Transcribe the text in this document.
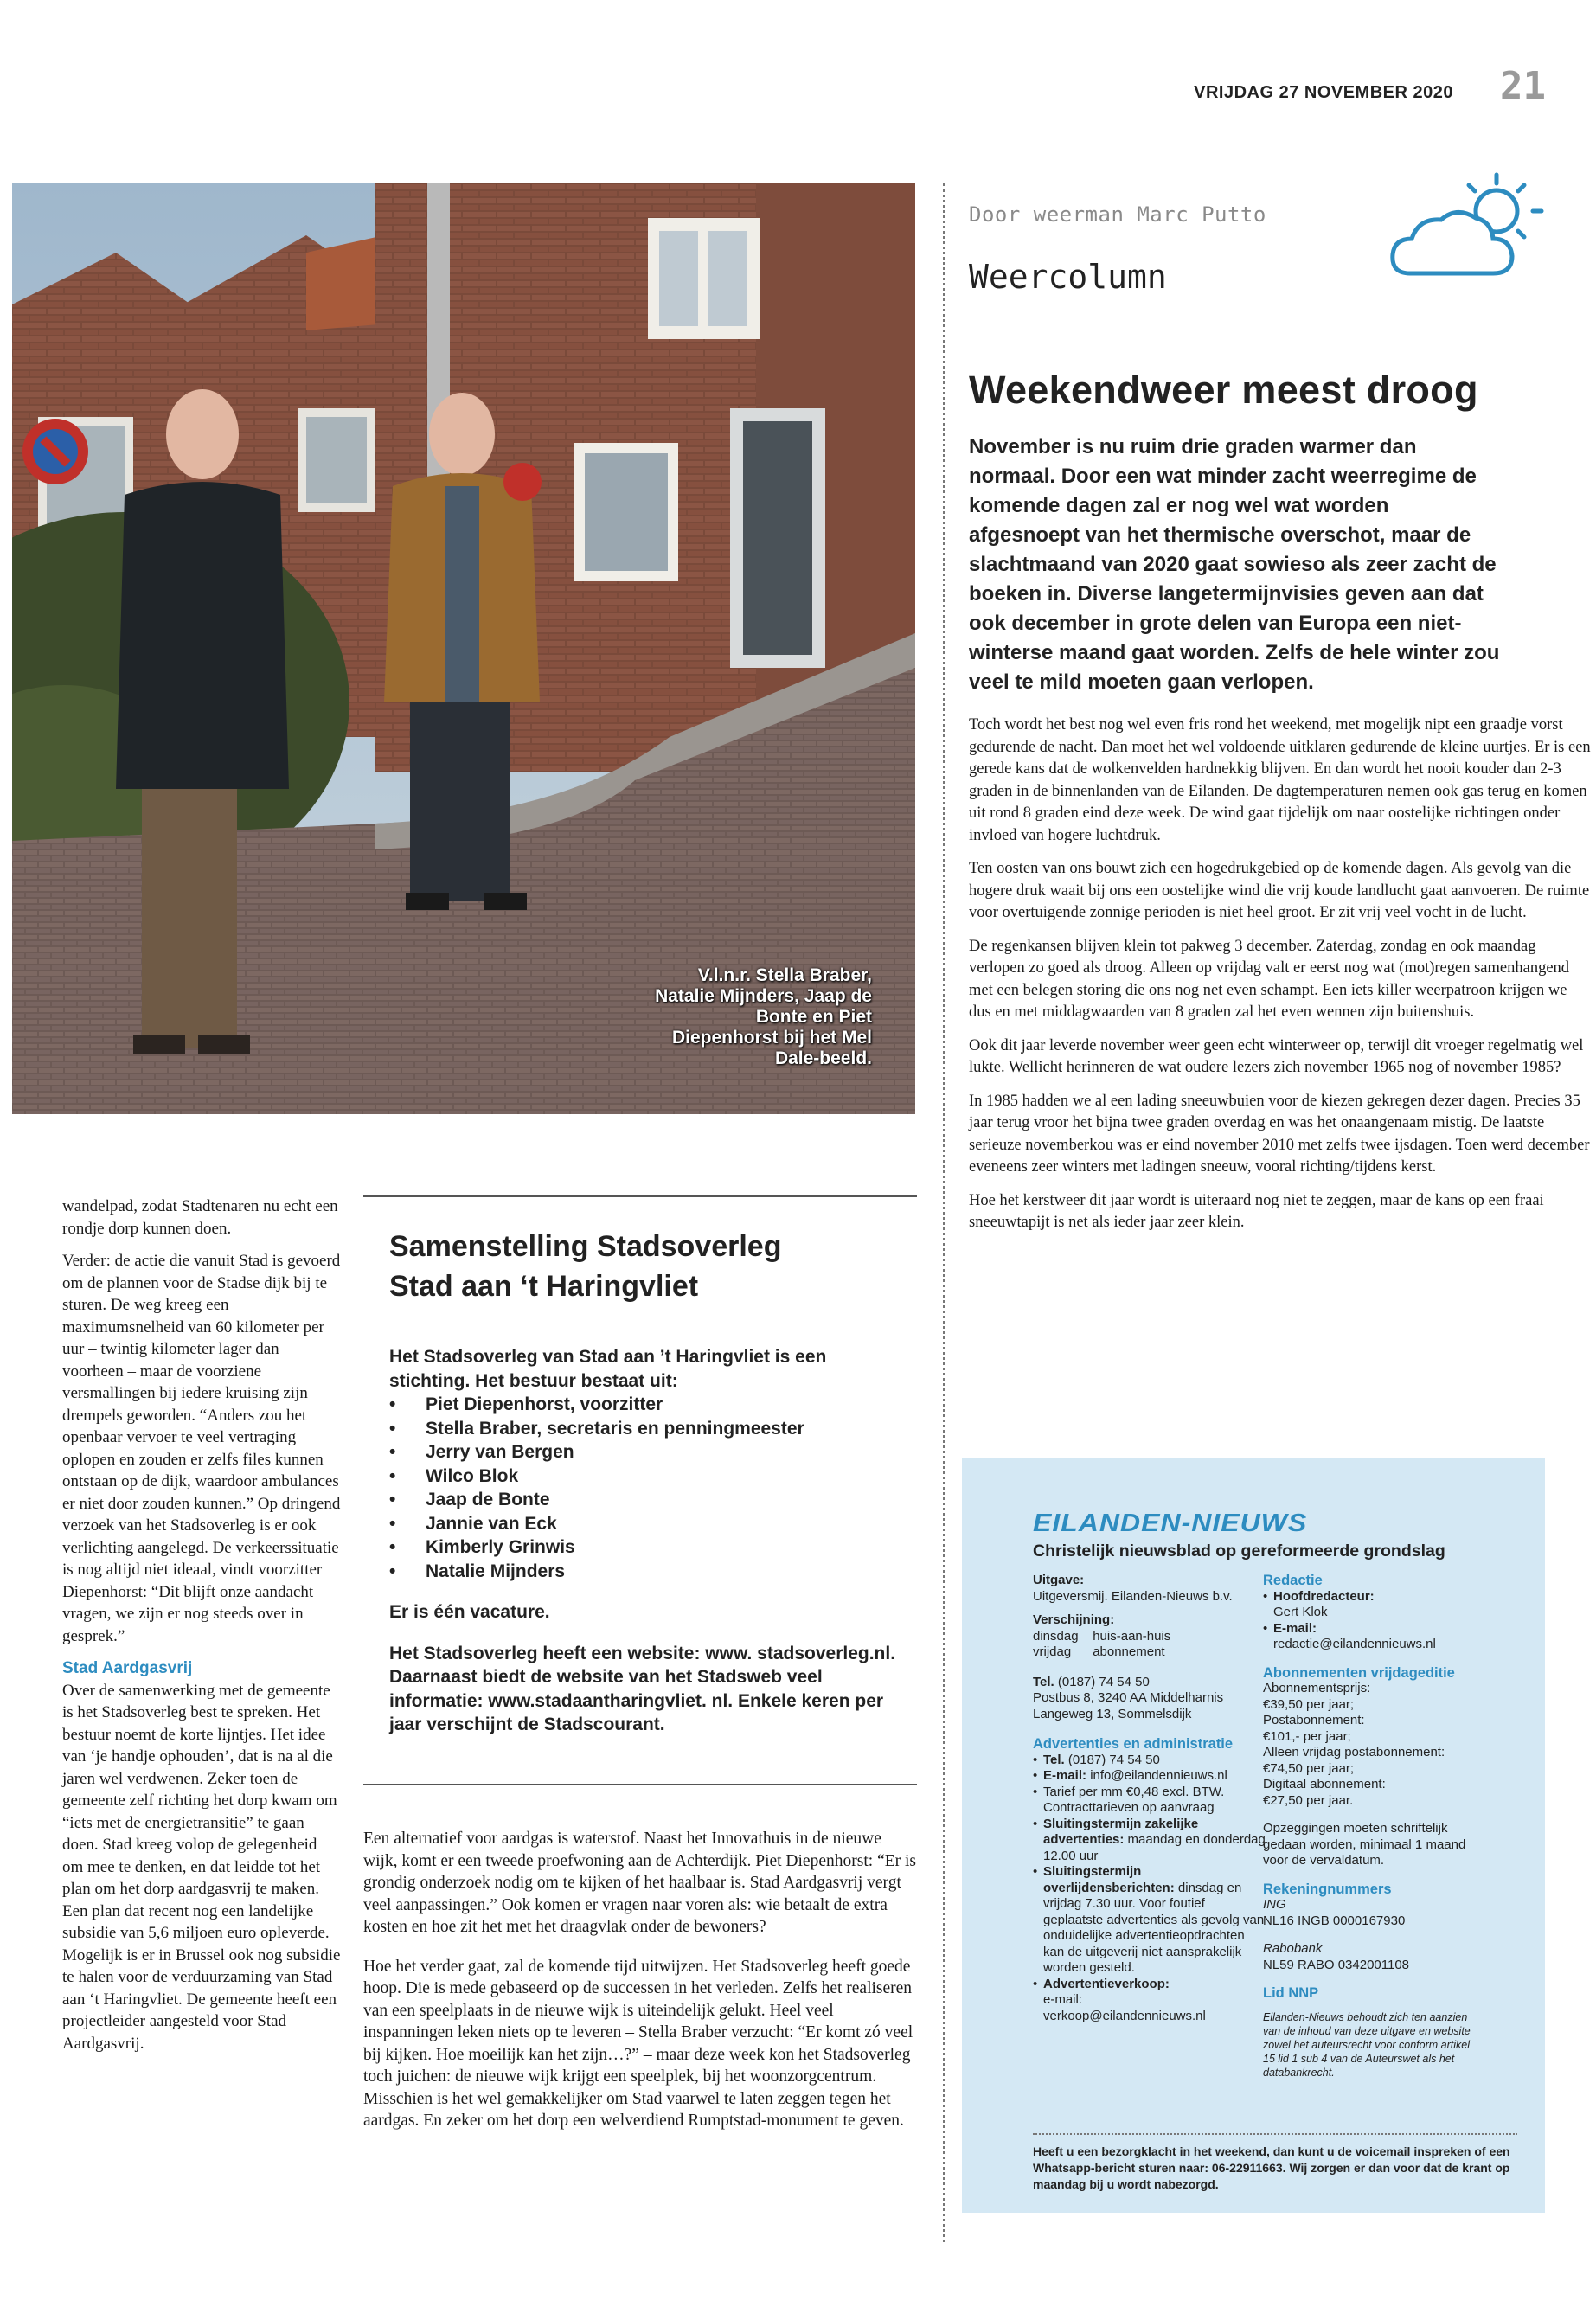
VRIJDAG 27 NOVEMBER 2020 21
V.l.n.r. Stella Braber, Natalie Mijnders, Jaap de Bonte en Piet Diepenhorst bij het Mel Dale-beeld.
Door weerman Marc Putto
Weercolumn
Weekendweer meest droog
November is nu ruim drie graden warmer dan normaal. Door een wat minder zacht weerregime de komende dagen zal er nog wel wat worden afgesnoept van het thermische overschot, maar de slachtmaand van 2020 gaat sowieso als zeer zacht de boeken in. Diverse langetermijnvisies geven aan dat ook december in grote delen van Europa een niet-winterse maand gaat worden. Zelfs de hele winter zou veel te mild moeten gaan verlopen.

Toch wordt het best nog wel even fris rond het weekend, met mogelijk nipt een graadje vorst gedurende de nacht. Dan moet het wel voldoende uitklaren gedurende de kleine uurtjes. Er is een gerede kans dat de wolkenvelden hardnekkig blijven. En dan wordt het nooit kouder dan 2-3 graden in de binnenlanden van de Eilanden. De dagtemperaturen nemen ook gas terug en komen uit rond 8 graden eind deze week. De wind gaat tijdelijk om naar oostelijke richtingen onder invloed van hogere luchtdruk.

Ten oosten van ons bouwt zich een hogedrukgebied op de komende dagen. Als gevolg van die hogere druk waait bij ons een oostelijke wind die vrij koude landlucht gaat aanvoeren. De ruimte voor overtuigende zonnige perioden is niet heel groot. Er zit vrij veel vocht in de lucht.

De regenkansen blijven klein tot pakweg 3 december. Zaterdag, zondag en ook maandag verlopen zo goed als droog. Alleen op vrijdag valt er eerst nog wat (mot)regen samenhangend met een belegen storing die ons nog net even schampt. Een iets killer weerpatroon krijgen we dus en met middagwaarden van 8 graden zal het even wennen zijn buitenshuis.

Ook dit jaar leverde november weer geen echt winterweer op, terwijl dit vroeger regelmatig wel lukte. Wellicht herinneren de wat oudere lezers zich november 1965 nog of november 1985?

In 1985 hadden we al een lading sneeuwbuien voor de kiezen gekregen dezer dagen. Precies 35 jaar terug vroor het bijna twee graden overdag en was het onaangenaam mistig. De laatste serieuze novemberkou was er eind november 2010 met zelfs twee ijsdagen. Toen werd december eveneens zeer winters met ladingen sneeuw, vooral richting/tijdens kerst.

Hoe het kerstweer dit jaar wordt is uiteraard nog niet te zeggen, maar de kans op een fraai sneeuwtapijt is net als ieder jaar zeer klein.

wandelpad, zodat Stadtenaren nu echt een rondje dorp kunnen doen.

Verder: de actie die vanuit Stad is gevoerd om de plannen voor de Stadse dijk bij te sturen. De weg kreeg een maximumsnelheid van 60 kilometer per uur – twintig kilometer lager dan voorheen – maar de voorziene versmallingen bij iedere kruising zijn drempels geworden. “Anders zou het openbaar vervoer te veel vertraging oplopen en zouden er zelfs files kunnen ontstaan op de dijk, waardoor ambulances er niet door zouden kunnen.” Op dringend verzoek van het Stadsoverleg is er ook verlichting aangelegd. De verkeerssituatie is nog altijd niet ideaal, vindt voorzitter Diepenhorst: “Dit blijft onze aandacht vragen, we zijn er nog steeds over in gesprek.”

Stad Aardgasvrij

Over de samenwerking met de gemeente is het Stadsoverleg best te spreken. Het bestuur noemt de korte lijntjes. Het idee van ‘je handje ophouden’, dat is na al die jaren wel verdwenen. Zeker toen de gemeente zelf richting het dorp kwam om “iets met de energietransitie” te gaan doen. Stad kreeg volop de gelegenheid om mee te denken, en dat leidde tot het plan om het dorp aardgasvrij te maken. Een plan dat recent nog een landelijke subsidie van 5,6 miljoen euro opleverde. Mogelijk is er in Brussel ook nog subsidie te halen voor de verduurzaming van Stad aan ‘t Haringvliet. De gemeente heeft een projectleider aangesteld voor Stad Aardgasvrij.

Samenstelling Stadsoverleg
Stad aan ‘t Haringvliet
Het Stadsoverleg van Stad aan ’t Haringvliet is een stichting. Het bestuur bestaat uit:
• Piet Diepenhorst, voorzitter
• Stella Braber, secretaris en penningmeester
• Jerry van Bergen
• Wilco Blok
• Jaap de Bonte
• Jannie van Eck
• Kimberly Grinwis
• Natalie Mijnders

Er is één vacature.

Het Stadsoverleg heeft een website: www. stadsoverleg.nl. Daarnaast biedt de website van het Stadsweb veel informatie: www.stadaantharingvliet. nl. Enkele keren per jaar verschijnt de Stadscourant.

Een alternatief voor aardgas is waterstof. Naast het Innovathuis in de nieuwe wijk, komt er een tweede proefwoning aan de Achterdijk. Piet Diepenhorst: “Er is grondig onderzoek nodig om te kijken of het haalbaar is. Stad Aardgasvrij vergt veel aanpassingen.” Ook komen er vragen naar voren als: wie betaalt de extra kosten en hoe zit het met het draagvlak onder de bewoners?

Hoe het verder gaat, zal de komende tijd uitwijzen. Het Stadsoverleg heeft goede hoop. Die is mede gebaseerd op de successen in het verleden. Zelfs het realiseren van een speelplaats in de nieuwe wijk is uiteindelijk gelukt. Heel veel inspanningen leken niets op te leveren – Stella Braber verzucht: “Er komt zó veel bij kijken. Hoe moeilijk kan het zijn…?” – maar deze week kon het Stadsoverleg toch juichen: de nieuwe wijk krijgt een speelplek, bij het woonzorgcentrum. Misschien is het wel gemakkelijker om Stad vaarwel te laten zeggen tegen het aardgas. En zeker om het dorp een welverdiend Rumptstad-monument te geven.

EILANDEN-NIEUWS
Christelijk nieuwsblad op gereformeerde grondslag
Uitgave:
Uitgeversmij. Eilanden-Nieuws b.v.
Verschijning:
dinsdag    huis-aan-huis
vrijdag      abonnement
Tel. (0187) 74 54 50
Postbus 8, 3240 AA Middelharnis
Langeweg 13, Sommelsdijk
Advertenties en administratie
• Tel. (0187) 74 54 50
• E-mail: info@eilandennieuws.nl
• Tarief per mm €0,48 excl. BTW. Contracttarieven op aanvraag
• Sluitingstermijn zakelijke advertenties: maandag en donderdag 12.00 uur
• Sluitingstermijn overlijdensberichten: dinsdag en vrijdag 7.30 uur. Voor foutief geplaatste advertenties als gevolg van onduidelijke advertentieopdrachten kan de uitgeverij niet aansprakelijk worden gesteld.
• Advertentieverkoop:
e-mail:
verkoop@eilandennieuws.nl
Redactie
• Hoofdredacteur:
Gert Klok
• E-mail:
redactie@eilandennieuws.nl
Abonnementen vrijdageditie
Abonnementsprijs:
€39,50 per jaar;
Postabonnement:
€101,- per jaar;
Alleen vrijdag postabonnement:
€74,50 per jaar;
Digitaal abonnement:
€27,50 per jaar.
Opzeggingen moeten schriftelijk gedaan worden, minimaal 1 maand voor de vervaldatum.
Rekeningnummers
ING
NL16 INGB 0000167930
Rabobank
NL59 RABO 0342001108
Lid NNP
Eilanden-Nieuws behoudt zich ten aanzien van de inhoud van deze uitgave en website zowel het auteursrecht voor conform artikel 15 lid 1 sub 4 van de Auteurswet als het databankrecht.
Heeft u een bezorgklacht in het weekend, dan kunt u de voicemail inspreken of een Whatsapp-bericht sturen naar: 06-22911663. Wij zorgen er dan voor dat de krant op maandag bij u wordt nabezorgd.
